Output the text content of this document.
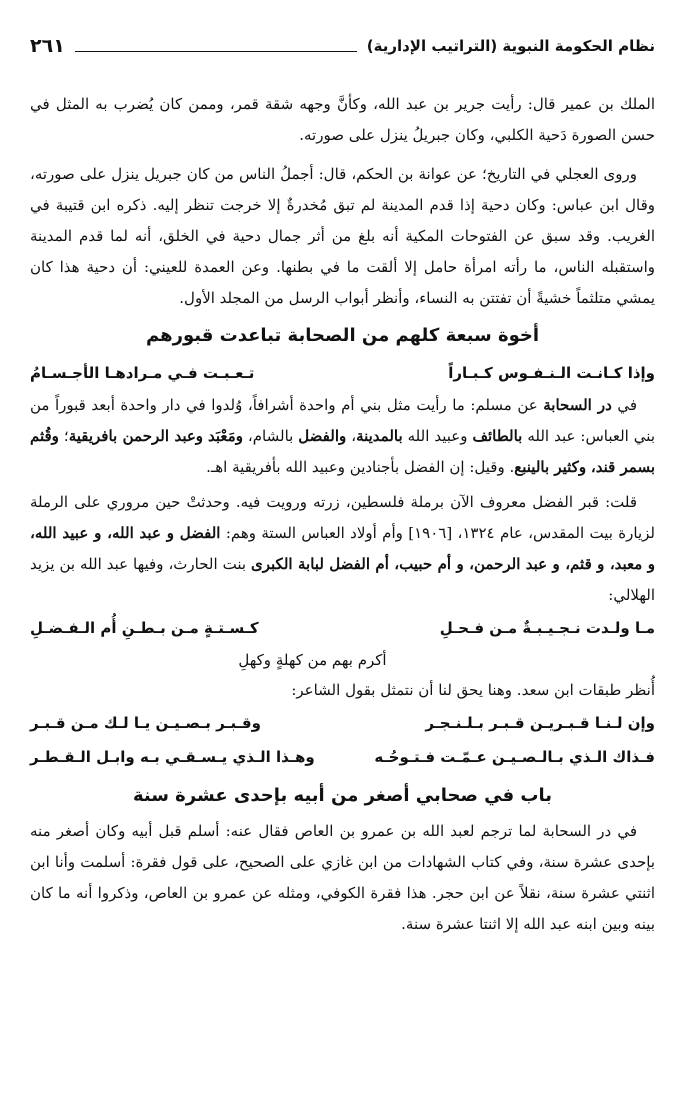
نظام الحكومة النبوية (التراتيب الإدارية)
٢٦١

الملك بن عمير قال: رأيت جرير بن عبد الله، وكأنَّ وجهه شقة قمر، وممن كان يُضرب به المثل في حسن الصورة دَحية الكلبي، وكان جبريلُ ينزل على صورته.

وروى العجلي في التاريخ؛ عن عوانة بن الحكم، قال: أجملُ الناس من كان جبريل ينزل على صورته، وقال ابن عباس: وكان دحية إذا قدم المدينة لم تبق مُخدرةٌ إلا خرجت تنظر إليه. ذكره ابن قتيبة في الغريب. وقد سبق عن الفتوحات المكية أنه بلغ من أثر جمال دحية في الخلق، أنه لما قدم المدينة واستقبله الناس، ما رأته امرأة حامل إلا ألقت ما في بطنها. وعن العمدة للعيني: أن دحية هذا كان يمشي متلثماً خشيةً أن تفتتن به النساء، وأنظر أبواب الرسل من المجلد الأول.

أخوة سبعة كلهم من الصحابة تباعدت قبورهم
وإذا كـانـت الـنـفـوس كـبـاراً
تـعـبـت فـي مـرادهـا الأجـسـامُ

في در السحابة عن مسلم: ما رأيت مثل بني أم واحدة أشرافاً، وُلدوا في دار واحدة أبعد قبوراً من بني العباس: عبد الله بالطائف وعبيد الله بالمدينة، والفضل بالشام، ومَعْبَد وعبد الرحمن بافريقية؛ وقُثم بسمر قند، وكثير بالينبع. وقيل: إن الفضل بأجنادين وعبيد الله بأفريقية اهـ.

قلت: قبر الفضل معروف الآن برملة فلسطين، زرته ورويت فيه. وحدثتْ حين مروري على الرملة لزيارة بيت المقدس، عام ١٣٢٤، [١٩٠٦] وأم أولاد العباس الستة وهم: الفضل و عبد الله، و عبيد الله، و معبد، و قثم، و عبد الرحمن، و أم حبيب، أم الفضل لبابة الكبرى بنت الحارث، وفيها عبد الله بن يزيد الهلالي:

مـا ولـدت نـجـيـبـةٌ مـن فـحـلِ
كـسـتـةٍ مـن بـطـنِ أُم الـفـضـلِ
أكرم بهم من كهلةٍ وكهلِ

أُنظر طبقات ابن سعد. وهنا يحق لنا أن نتمثل بقول الشاعر:

وإن لـنـا قـبـريـن قـبـر بـلـنـجـر
وقـبـر بـصـيـن يـا لـك مـن قـبـر
فـذاك الـذي بـالـصـيـن عـمّـت فـتـوحُـه
وهـذا الـذي يـسـقـي بـه وابـل الـقـطـر
باب في صحابي أصغر من أبيه بإحدى عشرة سنة

في در السحابة لما ترجم لعبد الله بن عمرو بن العاص فقال عنه: أسلم قبل أبيه وكان أصغر منه بإحدى عشرة سنة، وفي كتاب الشهادات من ابن غازي على الصحيح، على قول فقرة: أسلمت وأنا ابن اثنتي عشرة سنة، نقلاً عن ابن حجر. هذا فقرة الكوفي، ومثله عن عمرو بن العاص، وذكروا أنه ما كان بينه وبين ابنه عبد الله إلا اثنتا عشرة سنة.
